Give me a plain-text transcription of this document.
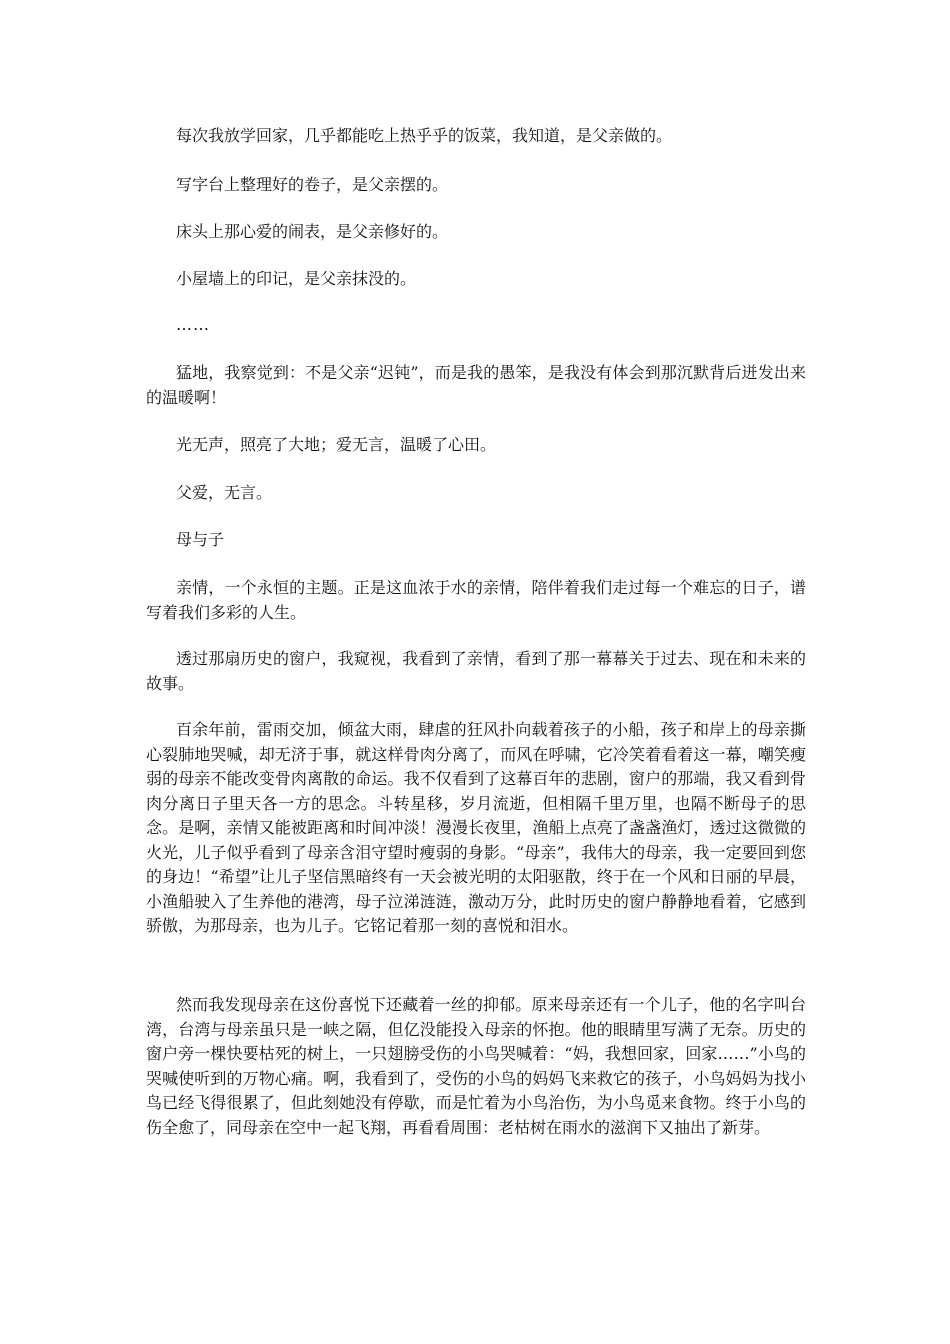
每次我放学回家，几乎都能吃上热乎乎的饭菜，我知道，是父亲做的。

写字台上整理好的卷子，是父亲摆的。

床头上那心爱的闹表，是父亲修好的。

小屋墙上的印记，是父亲抹没的。

……

猛地，我察觉到：不是父亲“迟钝”，而是我的愚笨，是我没有体会到那沉默背后迸发出来的温暖啊！

光无声，照亮了大地；爱无言，温暖了心田。

父爱，无言。

母与子

亲情，一个永恒的主题。正是这血浓于水的亲情，陪伴着我们走过每一个难忘的日子，谱写着我们多彩的人生。

透过那扇历史的窗户，我窥视，我看到了亲情，看到了那一幕幕关于过去、现在和未来的故事。

百余年前，雷雨交加，倾盆大雨，肆虐的狂风扑向载着孩子的小船，孩子和岸上的母亲撕心裂肺地哭喊，却无济于事，就这样骨肉分离了，而风在呼啸，它冷笑着看着这一幕，嘲笑瘦弱的母亲不能改变骨肉离散的命运。我不仅看到了这幕百年的悲剧，窗户的那端，我又看到骨肉分离日子里天各一方的思念。斗转星移，岁月流逝，但相隔千里万里，也隔不断母子的思念。是啊，亲情又能被距离和时间冲淡！漫漫长夜里，渔船上点亮了盏盏渔灯，透过这微微的火光，儿子似乎看到了母亲含泪守望时瘦弱的身影。“母亲”，我伟大的母亲，我一定要回到您的身边！“希望”让儿子坚信黑暗终有一天会被光明的太阳驱散，终于在一个风和日丽的早晨，小渔船驶入了生养他的港湾，母子泣涕涟涟，激动万分，此时历史的窗户静静地看着，它感到骄傲，为那母亲，也为儿子。它铭记着那一刻的喜悦和泪水。

然而我发现母亲在这份喜悦下还藏着一丝的抑郁。原来母亲还有一个儿子，他的名字叫台湾，台湾与母亲虽只是一峡之隔，但亿没能投入母亲的怀抱。他的眼睛里写满了无奈。历史的窗户旁一棵快要枯死的树上，一只翅膀受伤的小鸟哭喊着：“妈，我想回家，回家……”小鸟的哭喊使听到的万物心痛。啊，我看到了，受伤的小鸟的妈妈飞来救它的孩子，小鸟妈妈为找小鸟已经飞得很累了，但此刻她没有停歇，而是忙着为小鸟治伤，为小鸟觅来食物。终于小鸟的伤全愈了，同母亲在空中一起飞翔，再看看周围：老枯树在雨水的滋润下又抽出了新芽。
